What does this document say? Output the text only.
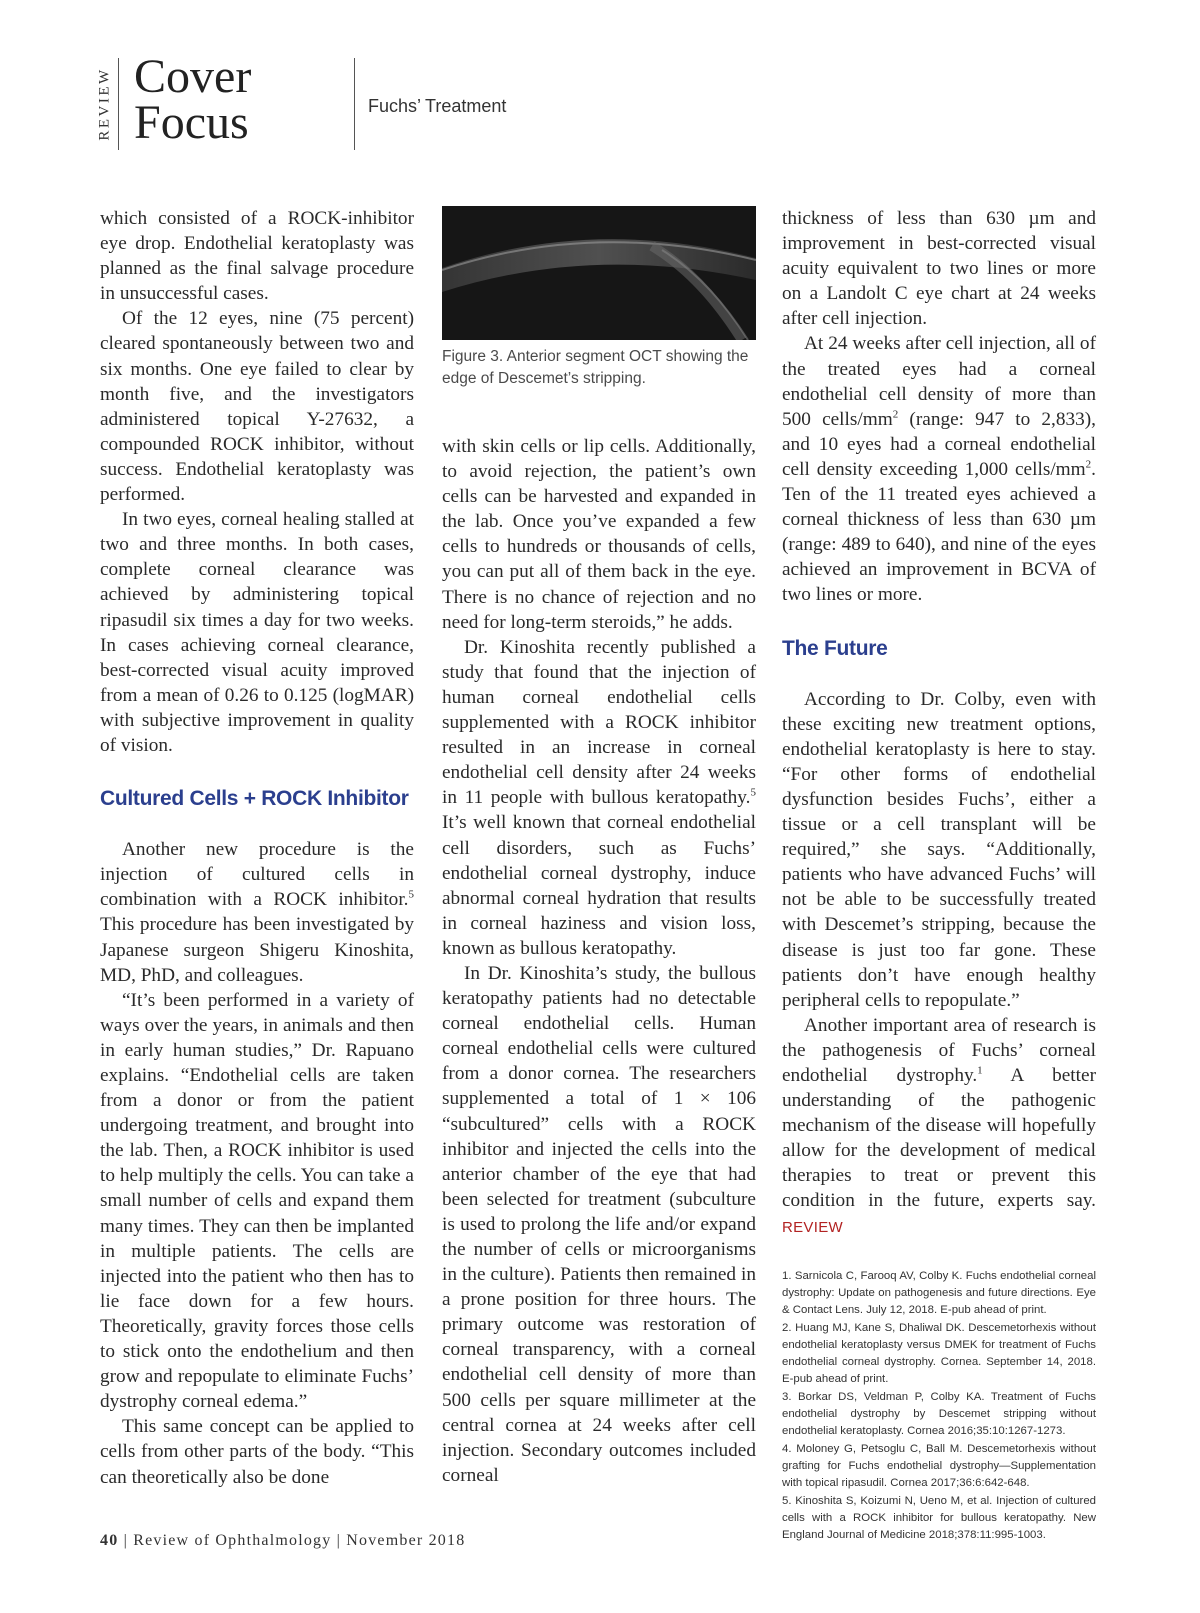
REVIEW Cover
Focus	Fuchs’ Treatment

which consisted of a ROCK-inhibitor eye drop. Endothelial keratoplasty was planned as the final salvage procedure in unsuccessful cases.

Of the 12 eyes, nine (75 percent) cleared spontaneously between two and six months. One eye failed to clear by month five, and the investigators administered topical Y-27632, a compounded ROCK inhibitor, without success. Endothelial keratoplasty was performed.

In two eyes, corneal healing stalled at two and three months. In both cases, complete corneal clearance was achieved by administering topical ripasudil six times a day for two weeks. In cases achieving corneal clearance, best-corrected visual acuity improved from a mean of 0.26 to 0.125 (logMAR) with subjective improvement in quality of vision.

Cultured Cells + ROCK Inhibitor

Another new procedure is the injection of cultured cells in combination with a ROCK inhibitor.$^5$ This procedure has been investigated by Japanese surgeon Shigeru Kinoshita, MD, PhD, and colleagues.

“It’s been performed in a variety of ways over the years, in animals and then in early human studies,” Dr. Rapuano explains. “Endothelial cells are taken from a donor or from the patient undergoing treatment, and brought into the lab. Then, a ROCK inhibitor is used to help multiply the cells. You can take a small number of cells and expand them many times. They can then be implanted in multiple patients. The cells are injected into the patient who then has to lie face down for a few hours. Theoretically, gravity forces those cells to stick onto the endothelium and then grow and repopulate to eliminate Fuchs’ dystrophy corneal edema.”

This same concept can be applied to cells from other parts of the body. “This can theoretically also be done

Figure 3. Anterior segment OCT showing the edge of Descemet’s stripping.

with skin cells or lip cells. Additionally, to avoid rejection, the patient’s own cells can be harvested and expanded in the lab. Once you’ve expanded a few cells to hundreds or thousands of cells, you can put all of them back in the eye. There is no chance of rejection and no need for long-term steroids,” he adds.

Dr. Kinoshita recently published a study that found that the injection of human corneal endothelial cells supplemented with a ROCK inhibitor resulted in an increase in corneal endothelial cell density after 24 weeks in 11 people with bullous keratopathy.$^5$ It’s well known that corneal endothelial cell disorders, such as Fuchs’ endothelial corneal dystrophy, induce abnormal corneal hydration that results in corneal haziness and vision loss, known as bullous keratopathy.

In Dr. Kinoshita’s study, the bullous keratopathy patients had no detectable corneal endothelial cells. Human corneal endothelial cells were cultured from a donor cornea. The researchers supplemented a total of 1 × 106 “subcultured” cells with a ROCK inhibitor and injected the cells into the anterior chamber of the eye that had been selected for treatment (subculture is used to prolong the life and/or expand the number of cells or microorganisms in the culture). Patients then remained in a prone position for three hours. The primary outcome was restoration of corneal transparency, with a corneal endothelial cell density of more than 500 cells per square millimeter at the central cornea at 24 weeks after cell injection. Secondary outcomes included corneal

thickness of less than 630 µm and improvement in best-corrected visual acuity equivalent to two lines or more on a Landolt C eye chart at 24 weeks after cell injection.

At 24 weeks after cell injection, all of the treated eyes had a corneal endothelial cell density of more than 500 cells/$mm^2$ (range: 947 to 2,833), and 10 eyes had a corneal endothelial cell density exceeding 1,000 cells/$mm^2$. Ten of the 11 treated eyes achieved a corneal thickness of less than 630 µm (range: 489 to 640), and nine of the eyes achieved an improvement in BCVA of two lines or more.

The Future

According to Dr. Colby, even with these exciting new treatment options, endothelial keratoplasty is here to stay. “For other forms of endothelial dysfunction besides Fuchs’, either a tissue or a cell transplant will be required,” she says. “Additionally, patients who have advanced Fuchs’ will not be able to be successfully treated with Descemet’s stripping, because the disease is just too far gone. These patients don’t have enough healthy peripheral cells to repopulate.”

Another important area of research is the pathogenesis of Fuchs’ corneal endothelial dystrophy.$^1$ A better understanding of the pathogenic mechanism of the disease will hopefully allow for the development of medical therapies to treat or prevent this condition in the future, experts say. REVIEW

1. Sarnicola C, Farooq AV, Colby K. Fuchs endothelial corneal dystrophy: Update on pathogenesis and future directions. Eye & Contact Lens. July 12, 2018. E-pub ahead of print.
2. Huang MJ, Kane S, Dhaliwal DK. Descemetorhexis without endothelial keratoplasty versus DMEK for treatment of Fuchs endothelial corneal dystrophy. Cornea. September 14, 2018. E-pub ahead of print.
3. Borkar DS, Veldman P, Colby KA. Treatment of Fuchs endothelial dystrophy by Descemet stripping without endothelial keratoplasty. Cornea 2016;35:10:1267-1273.
4. Moloney G, Petsoglu C, Ball M. Descemetorhexis without grafting for Fuchs endothelial dystrophy—Supplementation with topical ripasudil. Cornea 2017;36:6:642-648.
5. Kinoshita S, Koizumi N, Ueno M, et al. Injection of cultured cells with a ROCK inhibitor for bullous keratopathy. New England Journal of Medicine 2018;378:11:995-1003.
40 | Review of Ophthalmology | November 2018
